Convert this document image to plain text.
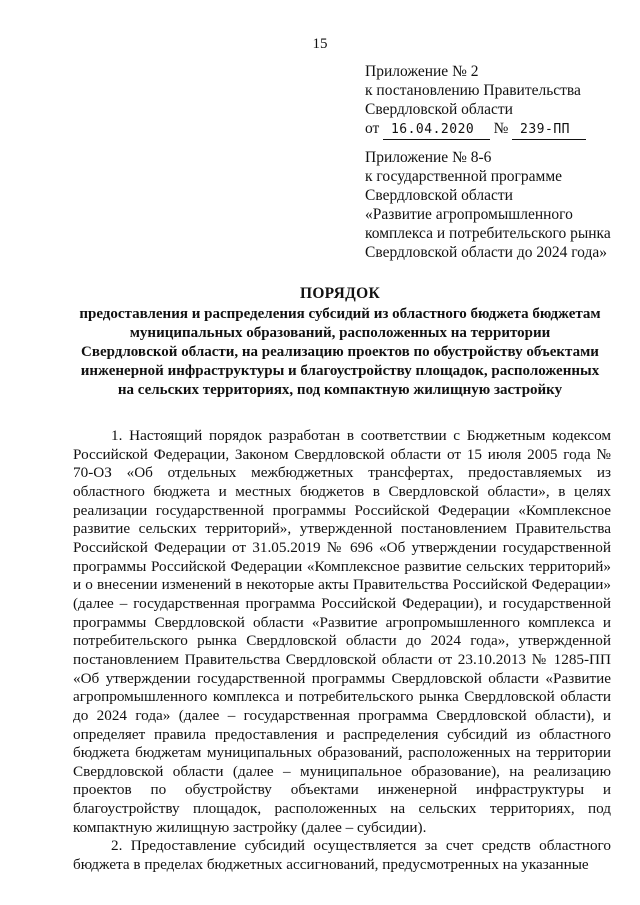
15
Приложение № 2
к постановлению Правительства
Свердловской области
от 16.04.2020 № 239-ПП
Приложение № 8-6
к государственной программе
Свердловской области
«Развитие агропромышленного
комплекса и потребительского рынка
Свердловской области до 2024 года»
ПОРЯДОК
предоставления и распределения субсидий из областного бюджета бюджетам
муниципальных образований, расположенных на территории
Свердловской области, на реализацию проектов по обустройству объектами
инженерной инфраструктуры и благоустройству площадок, расположенных
на сельских территориях, под компактную жилищную застройку

1. Настоящий порядок разработан в соответствии с Бюджетным кодексом Российской Федерации, Законом Свердловской области от 15 июля 2005 года № 70-ОЗ «Об отдельных межбюджетных трансфертах, предоставляемых из областного бюджета и местных бюджетов в Свердловской области», в целях реализации государственной программы Российской Федерации «Комплексное развитие сельских территорий», утвержденной постановлением Правительства Российской Федерации от 31.05.2019 № 696 «Об утверждении государственной программы Российской Федерации «Комплексное развитие сельских территорий» и о внесении изменений в некоторые акты Правительства Российской Федерации» (далее – государственная программа Российской Федерации), и государственной программы Свердловской области «Развитие агропромышленного комплекса и потребительского рынка Свердловской области до 2024 года», утвержденной постановлением Правительства Свердловской области от 23.10.2013 № 1285-ПП «Об утверждении государственной программы Свердловской области «Развитие агропромышленного комплекса и потребительского рынка Свердловской области до 2024 года» (далее – государственная программа Свердловской области), и определяет правила предоставления и распределения субсидий из областного бюджета бюджетам муниципальных образований, расположенных на территории Свердловской области (далее – муниципальное образование), на реализацию проектов по обустройству объектами инженерной инфраструктуры и благоустройству площадок, расположенных на сельских территориях, под компактную жилищную застройку (далее – субсидии).

2. Предоставление субсидий осуществляется за счет средств областного бюджета в пределах бюджетных ассигнований, предусмотренных на указанные
